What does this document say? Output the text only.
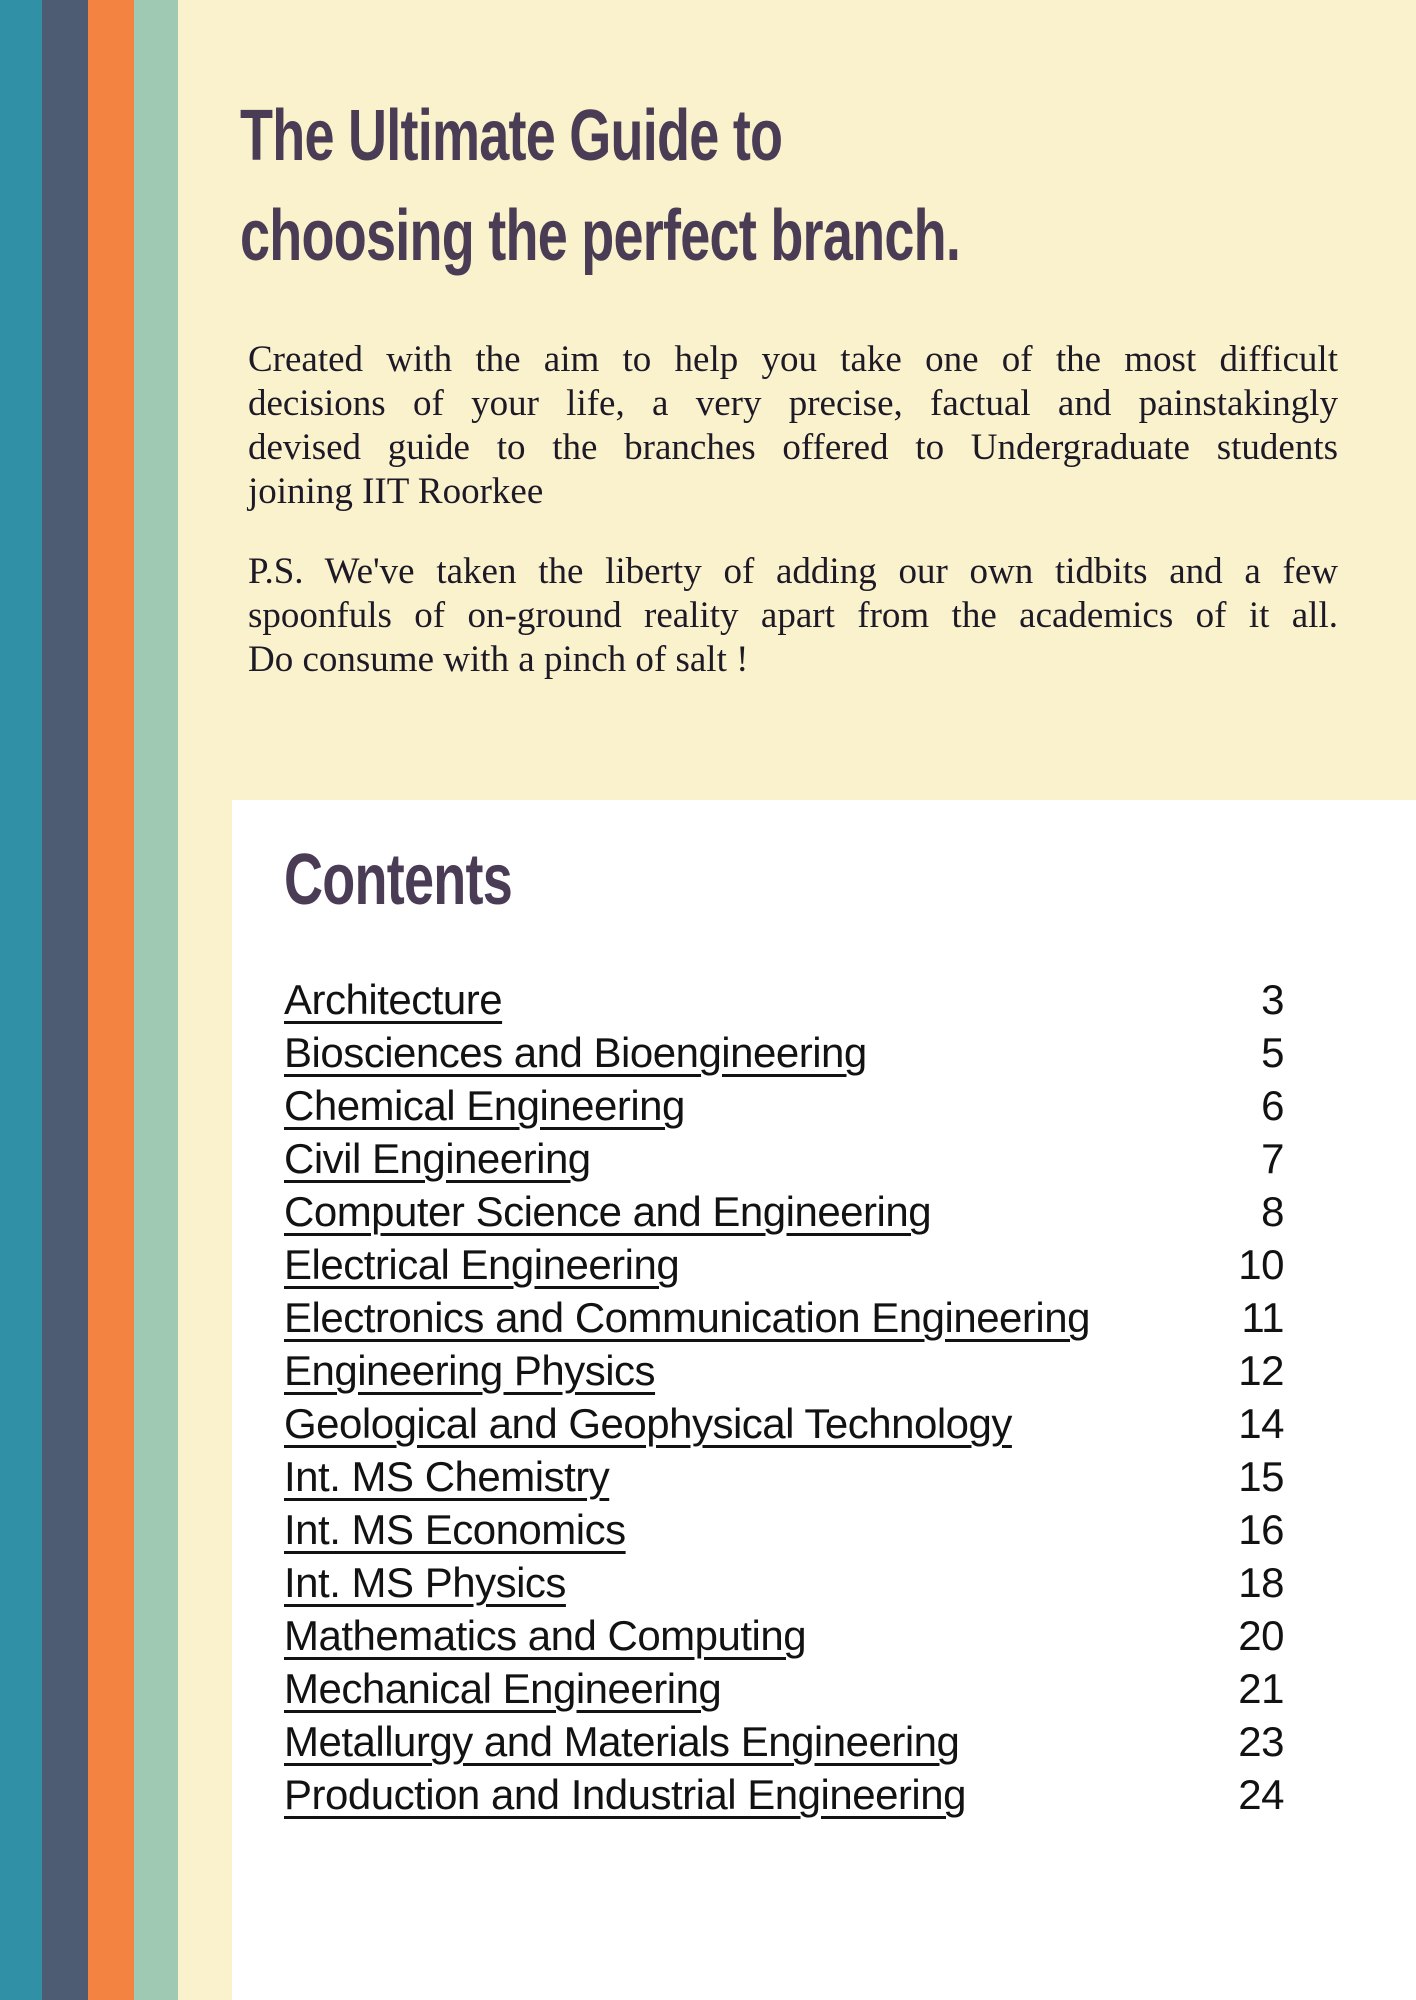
The Ultimate Guide to
choosing the perfect branch.
Created with the aim to help you take one of the most difficult
decisions of your life, a very precise, factual and painstakingly
devised guide to the branches offered to Undergraduate students
joining IIT Roorkee
P.S. We've taken the liberty of adding our own tidbits and a few
spoonfuls of on-ground reality apart from the academics of it all.
Do consume with a pinch of salt !
Contents
Architecture	3
Biosciences and Bioengineering	5
Chemical Engineering	6
Civil Engineering	7
Computer Science and Engineering	8
Electrical Engineering	10
Electronics and Communication Engineering	11
Engineering Physics	12
Geological and Geophysical Technology	14
Int. MS Chemistry	15
Int. MS Economics	16
Int. MS Physics	18
Mathematics and Computing	20
Mechanical Engineering	21
Metallurgy and Materials Engineering	23
Production and Industrial Engineering	24
